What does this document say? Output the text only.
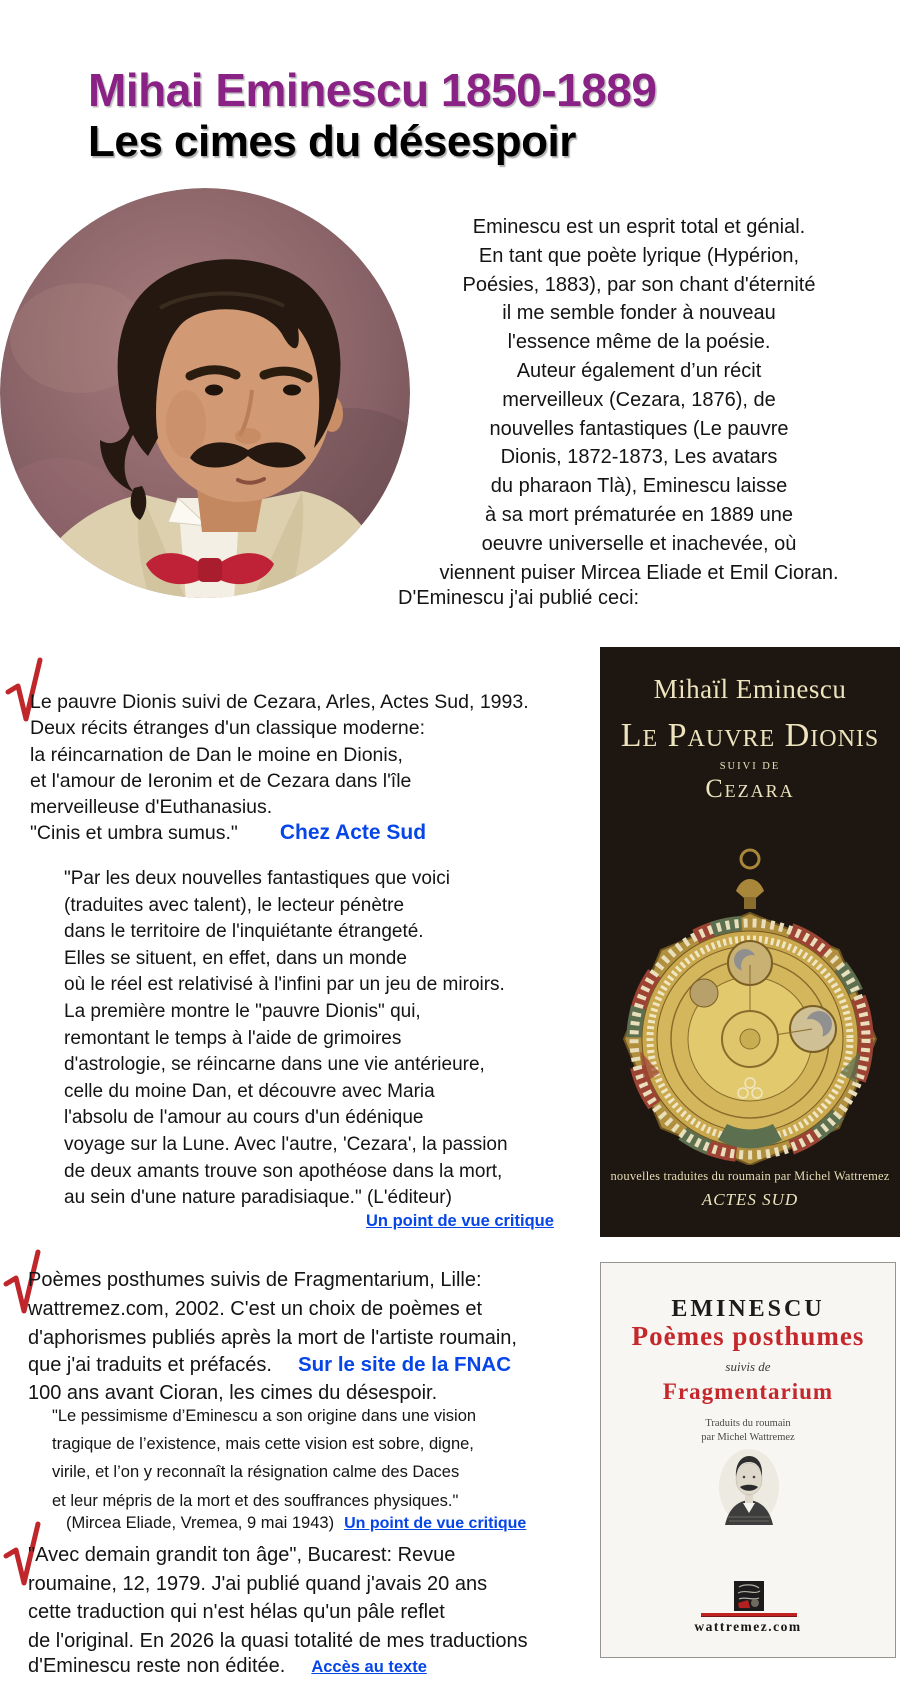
Mihai Eminescu 1850-1889
Les cimes du désespoir
Eminescu est un esprit total et génial.
En tant que poète lyrique (Hypérion,
Poésies, 1883), par son chant d'éternité
il me semble fonder à nouveau
l'essence même de la poésie.
Auteur également d’un récit
merveilleux (Cezara, 1876), de
nouvelles fantastiques (Le pauvre
Dionis, 1872-1873, Les avatars
du pharaon Tlà), Eminescu laisse
à sa mort prématurée en 1889 une
oeuvre universelle et inachevée, où
viennent puiser Mircea Eliade et Emil Cioran.
D'Eminescu j'ai publié ceci:
Le pauvre Dionis suivi de Cezara, Arles, Actes Sud, 1993.
Deux récits étranges d'un classique moderne:
la réincarnation de Dan le moine en Dionis,
et l'amour de Ieronim et de Cezara dans l'île
merveilleuse d'Euthanasius.
"Cinis et umbra sumus." Chez Acte Sud
"Par les deux nouvelles fantastiques que voici
(traduites avec talent), le lecteur pénètre
dans le territoire de l'inquiétante étrangeté.
Elles se situent, en effet, dans un monde
où le réel est relativisé à l'infini par un jeu de miroirs.
La première montre le "pauvre Dionis" qui,
remontant le temps à l'aide de grimoires
d'astrologie, se réincarne dans une vie antérieure,
celle du moine Dan, et découvre avec Maria
l'absolu de l'amour au cours d'un édénique
voyage sur la Lune. Avec l'autre, 'Cezara', la passion
de deux amants trouve son apothéose dans la mort,
au sein d'une nature paradisiaque." (L'éditeur)
Un point de vue critique
Poèmes posthumes suivis de Fragmentarium, Lille:
wattremez.com, 2002. C'est un choix de poèmes et
d'aphorismes publiés après la mort de l'artiste roumain,
que j'ai traduits et préfacés. Sur le site de la FNAC
100 ans avant Cioran, les cimes du désespoir.
"Le pessimisme d’Eminescu a son origine dans une vision
tragique de l’existence, mais cette vision est sobre, digne,
virile, et l’on y reconnaît la résignation calme des Daces
et leur mépris de la mort et des souffrances physiques."
(Mircea Eliade, Vremea, 9 mai 1943) Un point de vue critique
"Avec demain grandit ton âge", Bucarest: Revue
roumaine, 12, 1979. J'ai publié quand j'avais 20 ans
cette traduction qui n'est hélas qu'un pâle reflet
de l'original. En 2026 la quasi totalité de mes traductions
d'Eminescu reste non éditée. Accès au texte
Mihaïl Eminescu
Le Pauvre Dionis
SUIVI DE
Cezara
nouvelles traduites du roumain par Michel Wattremez
ACTES SUD
EMINESCU
Poèmes posthumes
suivis de
Fragmentarium
Traduits du roumain
par Michel Wattremez
wattremez.com
